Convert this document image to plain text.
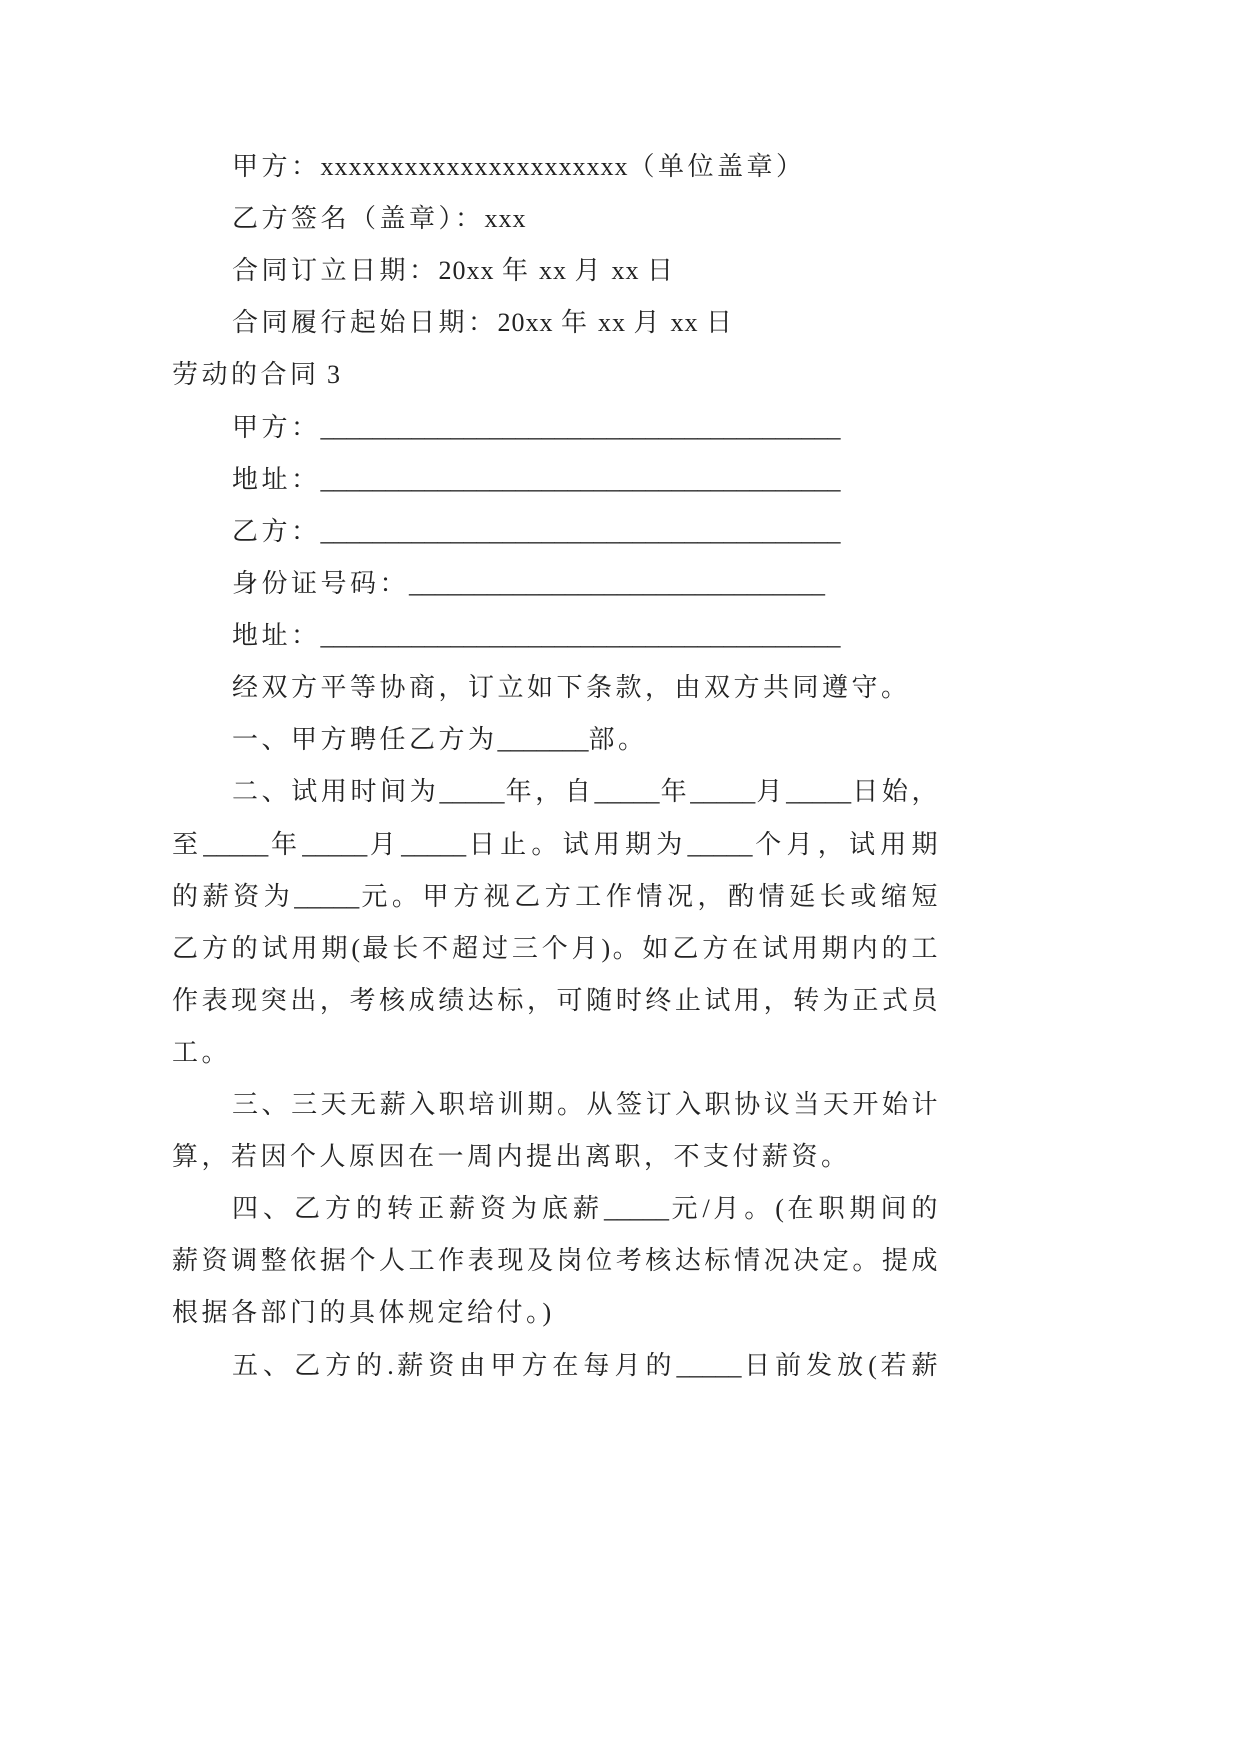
甲方：xxxxxxxxxxxxxxxxxxxxxx（单位盖章）
乙方签名（盖章）：xxx
合同订立日期：20xx 年 xx 月 xx 日
合同履行起始日期：20xx 年 xx 月 xx 日
劳动的合同 3
甲方：________________________________________
地址：________________________________________
乙方：________________________________________
身份证号码：________________________________
地址：________________________________________
经双方平等协商，订立如下条款，由双方共同遵守。
一、甲方聘任乙方为_______部。
二、试用时间为_____年，自_____年_____月_____日始，
至_____年_____月_____日止。试用期为_____个月，试用期
的薪资为_____元。甲方视乙方工作情况，酌情延长或缩短
乙方的试用期(最长不超过三个月)。如乙方在试用期内的工
作表现突出，考核成绩达标，可随时终止试用，转为正式员
工。
三、三天无薪入职培训期。从签订入职协议当天开始计
算，若因个人原因在一周内提出离职，不支付薪资。
四、乙方的转正薪资为底薪_____元/月。(在职期间的
薪资调整依据个人工作表现及岗位考核达标情况决定。提成
根据各部门的具体规定给付。)
五、乙方的.薪资由甲方在每月的_____日前发放(若薪
